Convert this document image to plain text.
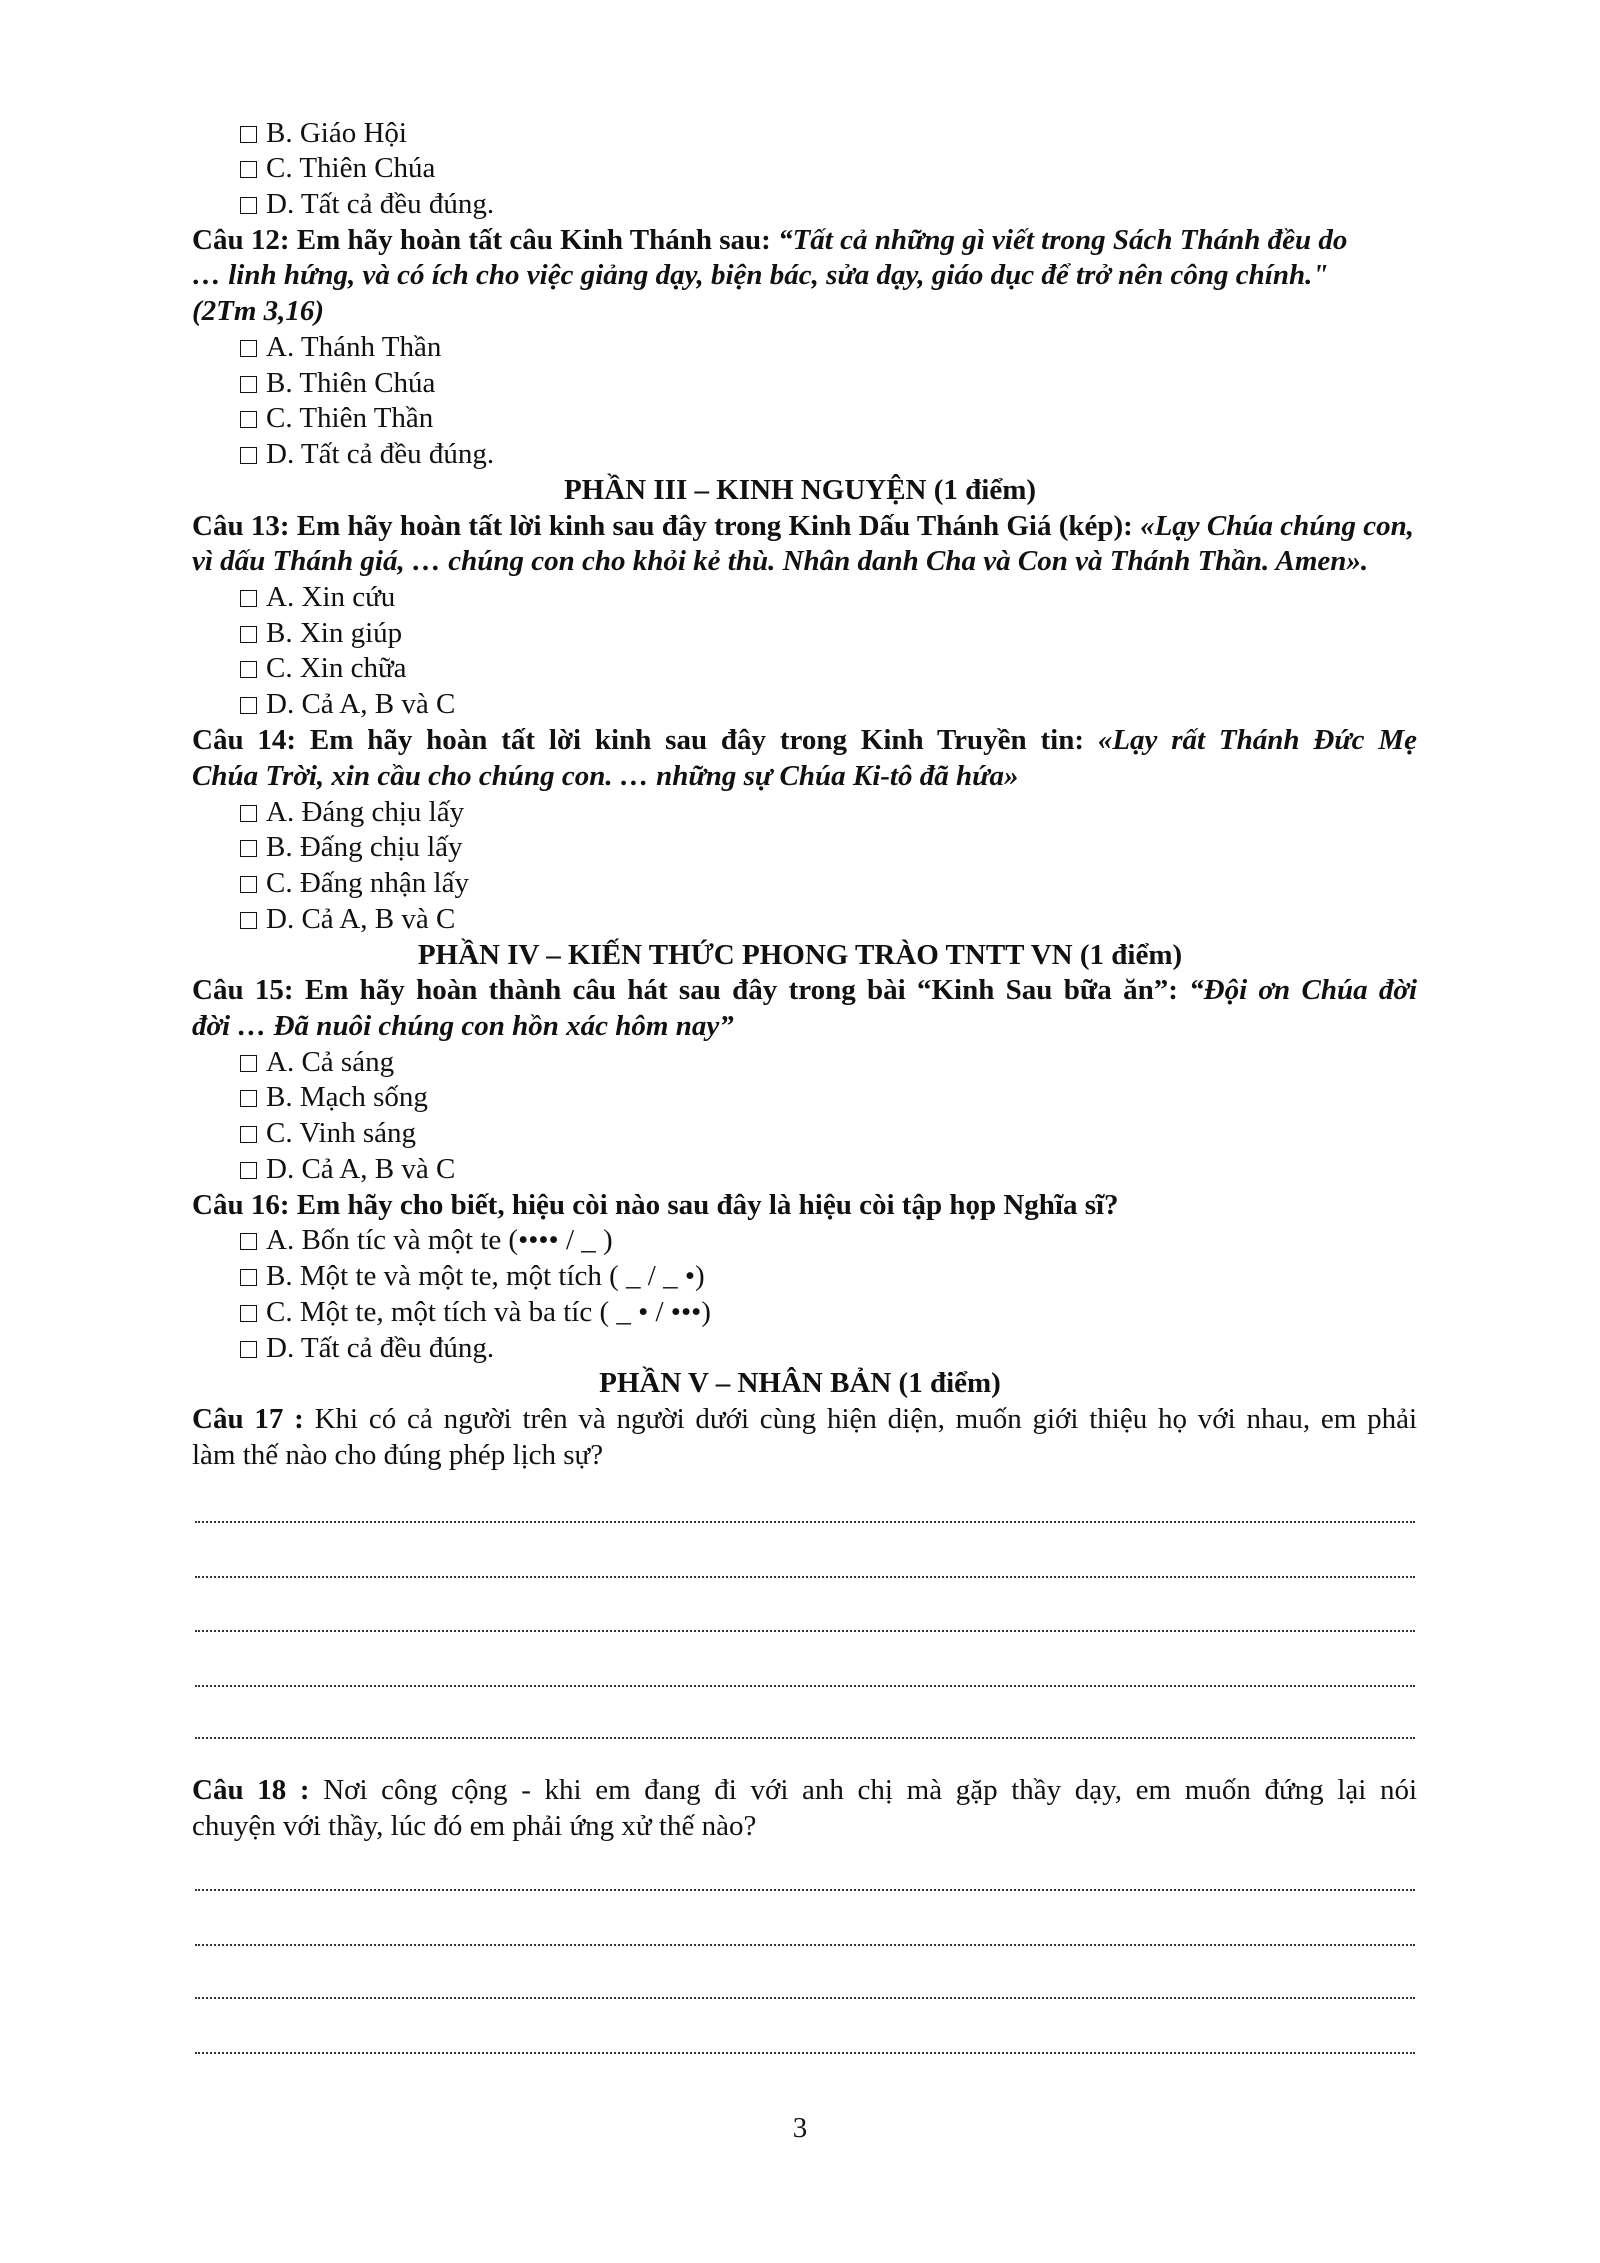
B. Giáo Hội
C. Thiên Chúa
D. Tất cả đều đúng.
Câu 12: Em hãy hoàn tất câu Kinh Thánh sau: “Tất cả những gì viết trong Sách Thánh đều do
… linh hứng, và có ích cho việc giảng dạy, biện bác, sửa dạy, giáo dục để trở nên công chính."
(2Tm 3,16)
A. Thánh Thần
B. Thiên Chúa
C. Thiên Thần
D. Tất cả đều đúng.
PHẦN III – KINH NGUYỆN (1 điểm)
Câu 13: Em hãy hoàn tất lời kinh sau đây trong Kinh Dấu Thánh Giá (kép): «Lạy Chúa chúng con,
vì dấu Thánh giá, … chúng con cho khỏi kẻ thù. Nhân danh Cha và Con và Thánh Thần. Amen».
A. Xin cứu
B. Xin giúp
C. Xin chữa
D. Cả A, B và C
Câu 14: Em hãy hoàn tất lời kinh sau đây trong Kinh Truyền tin: «Lạy rất Thánh Đức Mẹ
Chúa Trời, xin cầu cho chúng con. … những sự Chúa Ki-tô đã hứa»
A. Đáng chịu lấy
B. Đấng chịu lấy
C. Đấng nhận lấy
D. Cả A, B và C
PHẦN IV – KIẾN THỨC PHONG TRÀO TNTT VN (1 điểm)
Câu 15: Em hãy hoàn thành câu hát sau đây trong bài “Kinh Sau bữa ăn”: “Đội ơn Chúa đời
đời … Đã nuôi chúng con hồn xác hôm nay”
A. Cả sáng
B. Mạch sống
C. Vinh sáng
D. Cả A, B và C
Câu 16: Em hãy cho biết, hiệu còi nào sau đây là hiệu còi tập họp Nghĩa sĩ?
A. Bốn tíc và một te (•••• / _ )
B. Một te và một te, một tích ( _ / _ •)
C. Một te, một tích và ba tíc ( _ • / •••)
D. Tất cả đều đúng.
PHẦN V – NHÂN BẢN (1 điểm)
Câu 17 : Khi có cả người trên và người dưới cùng hiện diện, muốn giới thiệu họ với nhau, em phải
làm thế nào cho đúng phép lịch sự?
Câu 18 : Nơi công cộng - khi em đang đi với anh chị mà gặp thầy dạy, em muốn đứng lại nói
chuyện với thầy, lúc đó em phải ứng xử thế nào?
3
